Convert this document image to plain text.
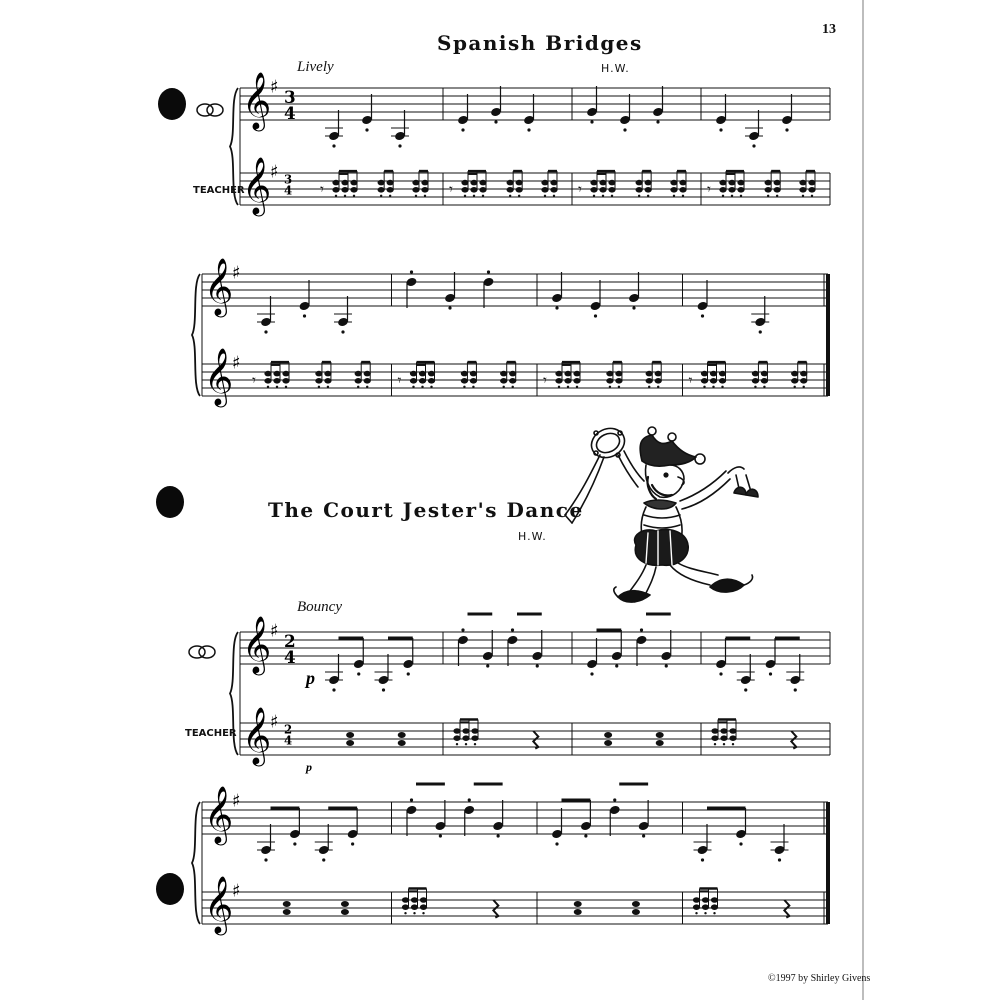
13
Spanish Bridges
Lively	H.W.
TEACHER
The Court Jester's Dance
H.W.
Bouncy
TEACHER
©1997 by Shirley Givens
𝄞
𝄞
♯
♯
3
4
3
4 𝄾	𝄾	𝄾	𝄾
𝄞
𝄞
♯
♯
𝄾	𝄾	𝄾	𝄾
𝄞
𝄞
♯
♯
2
4
2
4
p
p
𝄞
𝄞
♯
♯
